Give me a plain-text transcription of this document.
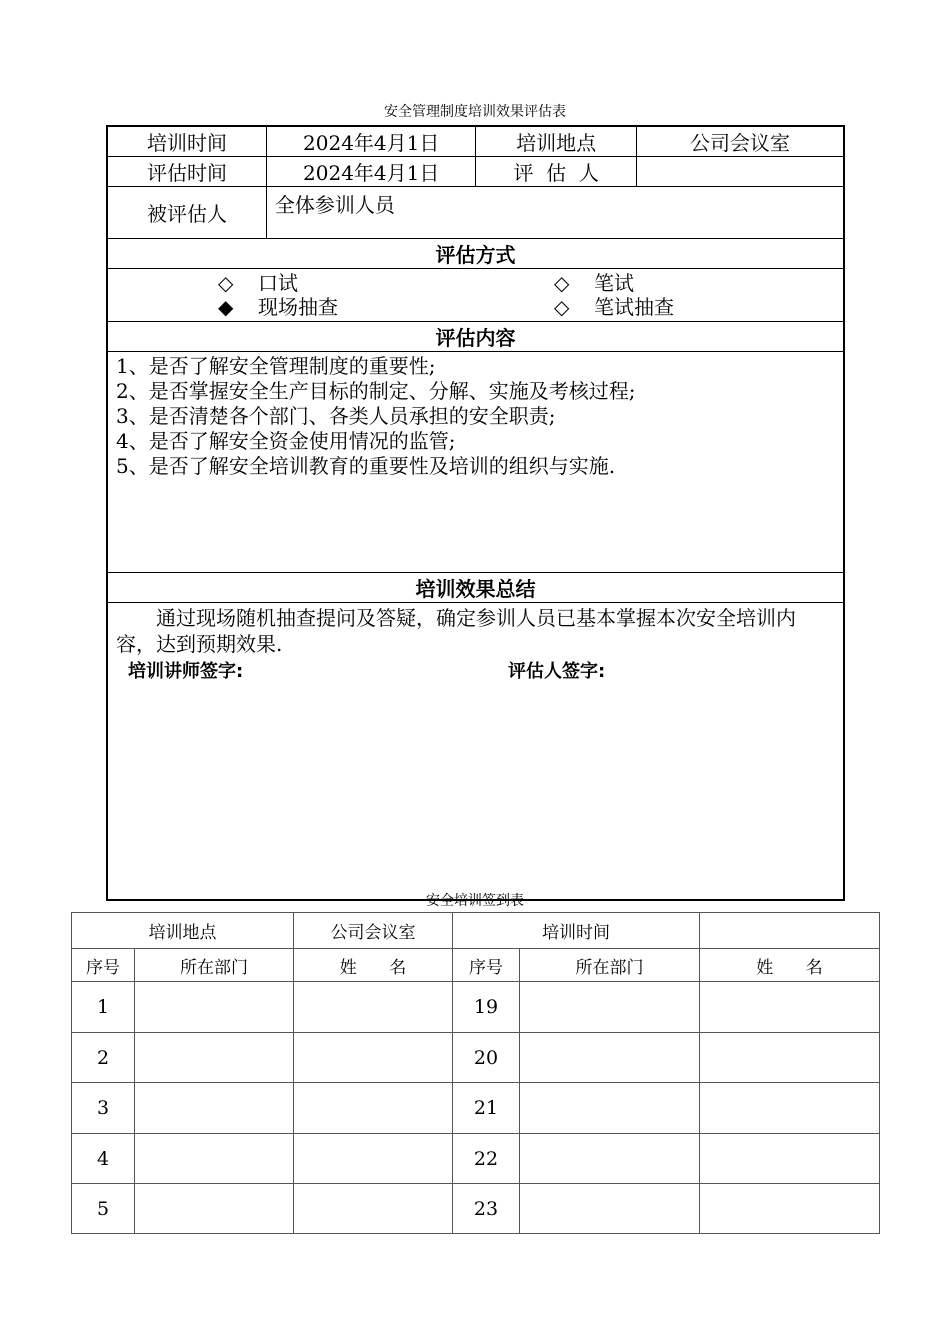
安全管理制度培训效果评估表
培训时间	2024年4月1日	培训地点	公司会议室
评估时间	2024年4月1日	评  估  人	
被评估人	全体参训人员		
评估方式			

◇ 口试 ◇ 笔试
◆ 现场抽查 ◇ 笔试抽查			

评估内容			

1、是否了解安全管理制度的重要性;
2、是否掌握安全生产目标的制定、分解、实施及考核过程;
3、是否清楚各个部门、各类人员承担的安全职责;
4、是否了解安全资金使用情况的监管;
5、是否了解安全培训教育的重要性及培训的组织与实施.			

培训效果总结			

通过现场随机抽查提问及答疑，确定参训人员已基本掌握本次安全培训内容，达到预期效果.
培训讲师签字: 评估人签字:			
安全培训签到表
培训地点		公司会议室	培训时间		
序号	所在部门	姓      名	序号	所在部门	姓      名
1			19		
2			20		
3			21		
4			22		
5			23		
